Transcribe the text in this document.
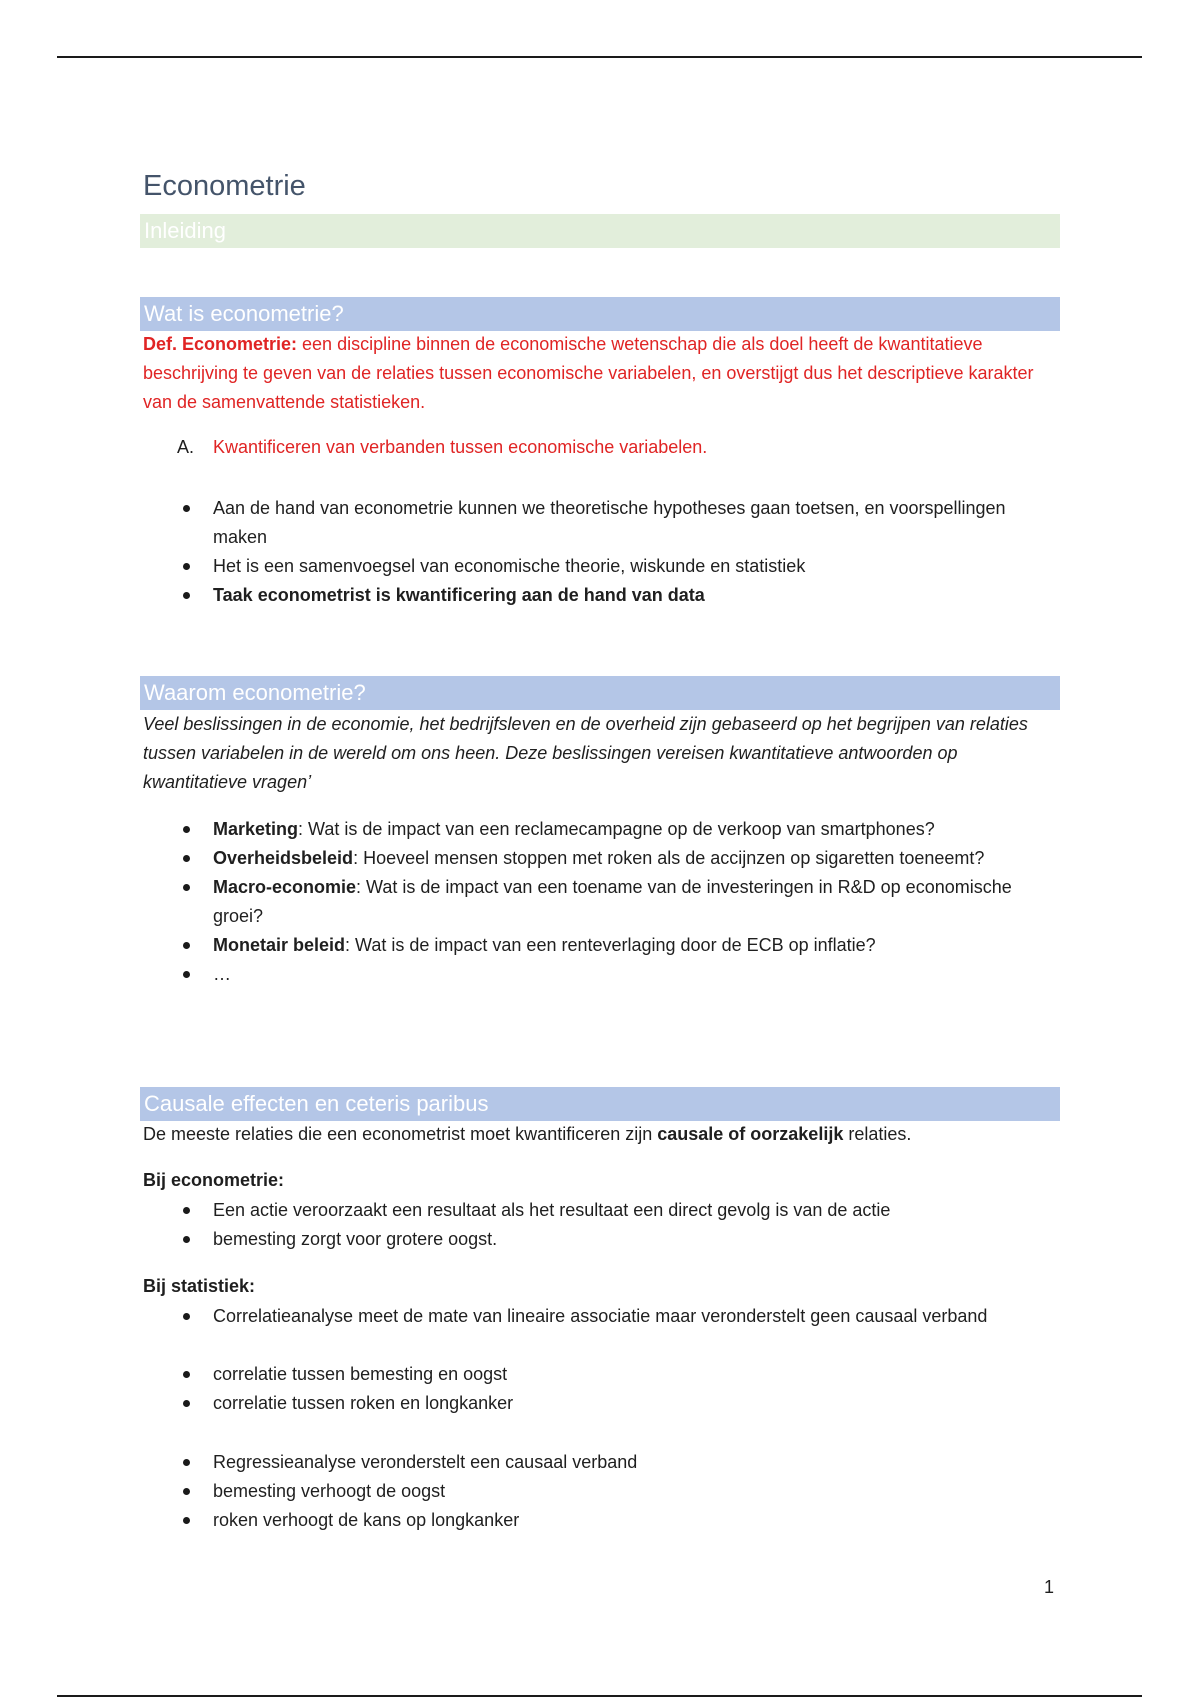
Econometrie
Inleiding
Wat is econometrie?

Def. Econometrie: een discipline binnen de economische wetenschap die als doel heeft de kwantitatieve beschrijving te geven van de relaties tussen economische variabelen, en overstijgt dus het descriptieve karakter van de samenvattende statistieken.

A. Kwantificeren van verbanden tussen economische variabelen.
Aan de hand van econometrie kunnen we theoretische hypotheses gaan toetsen, en voorspellingen maken
Het is een samenvoegsel van economische theorie, wiskunde en statistiek
Taak econometrist is kwantificering aan de hand van data
Waarom econometrie?

Veel beslissingen in de economie, het bedrijfsleven en de overheid zijn gebaseerd op het begrijpen van relaties tussen variabelen in de wereld om ons heen. Deze beslissingen vereisen kwantitatieve antwoorden op kwantitatieve vragen’

Marketing: Wat is de impact van een reclamecampagne op de verkoop van smartphones?
Overheidsbeleid: Hoeveel mensen stoppen met roken als de accijnzen op sigaretten toeneemt?
Macro-economie: Wat is de impact van een toename van de investeringen in R&D op economische groei?
Monetair beleid: Wat is de impact van een renteverlaging door de ECB op inflatie?
…
Causale effecten en ceteris paribus

De meeste relaties die een econometrist moet kwantificeren zijn causale of oorzakelijk relaties.

Bij econometrie:

Een actie veroorzaakt een resultaat als het resultaat een direct gevolg is van de actie
bemesting zorgt voor grotere oogst.

Bij statistiek:

Correlatieanalyse meet de mate van lineaire associatie maar veronderstelt geen causaal verband
correlatie tussen bemesting en oogst
correlatie tussen roken en longkanker
Regressieanalyse veronderstelt een causaal verband
bemesting verhoogt de oogst
roken verhoogt de kans op longkanker
1
